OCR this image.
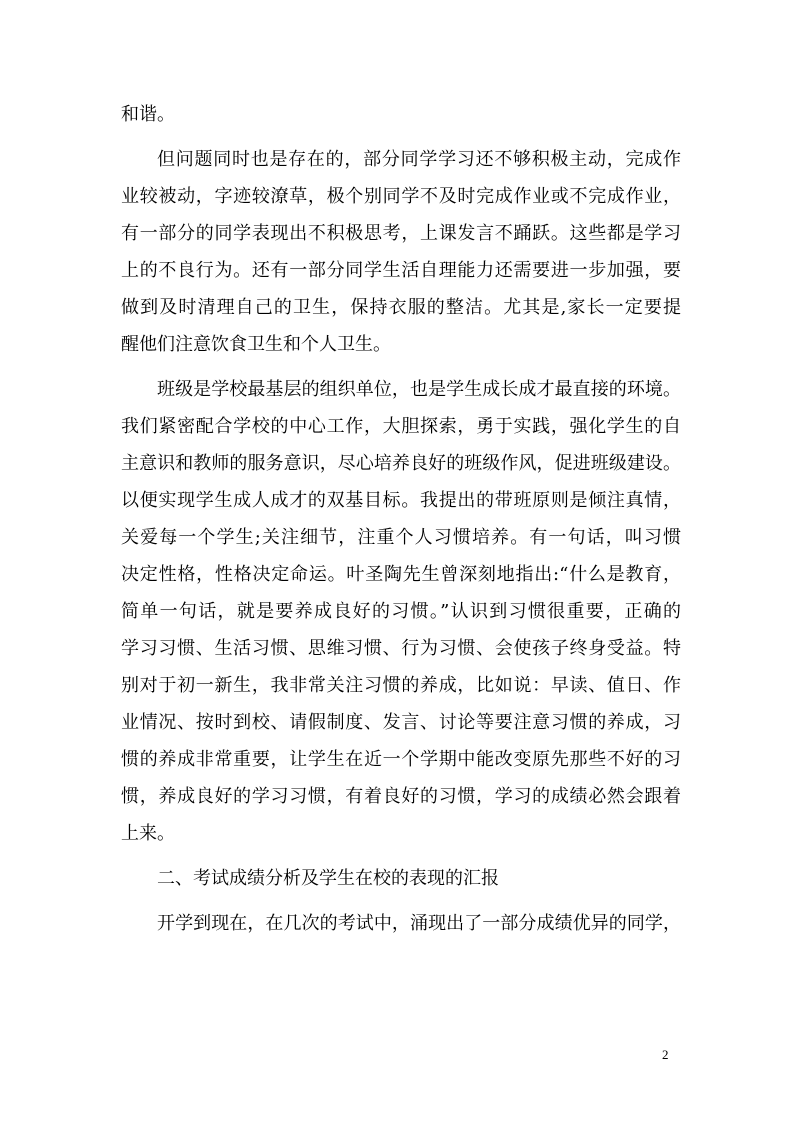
和谐。
但问题同时也是存在的，部分同学学习还不够积极主动，完成作
业较被动，字迹较潦草，极个别同学不及时完成作业或不完成作业，
有一部分的同学表现出不积极思考，上课发言不踊跃。这些都是学习
上的不良行为。还有一部分同学生活自理能力还需要进一步加强，要
做到及时清理自己的卫生，保持衣服的整洁。尤其是,家长一定要提
醒他们注意饮食卫生和个人卫生。
班级是学校最基层的组织单位，也是学生成长成才最直接的环境。
我们紧密配合学校的中心工作，大胆探索，勇于实践，强化学生的自
主意识和教师的服务意识，尽心培养良好的班级作风，促进班级建设。
以便实现学生成人成才的双基目标。我提出的带班原则是倾注真情，
关爱每一个学生;关注细节，注重个人习惯培养。有一句话，叫习惯
决定性格，性格决定命运。叶圣陶先生曾深刻地指出:“什么是教育，
简单一句话，就是要养成良好的习惯。”认识到习惯很重要，正确的
学习习惯、生活习惯、思维习惯、行为习惯、会使孩子终身受益。特
别对于初一新生，我非常关注习惯的养成，比如说：早读、值日、作
业情况、按时到校、请假制度、发言、讨论等要注意习惯的养成，习
惯的养成非常重要，让学生在近一个学期中能改变原先那些不好的习
惯，养成良好的学习习惯，有着良好的习惯，学习的成绩必然会跟着
上来。
二、考试成绩分析及学生在校的表现的汇报
开学到现在，在几次的考试中，涌现出了一部分成绩优异的同学，
2
